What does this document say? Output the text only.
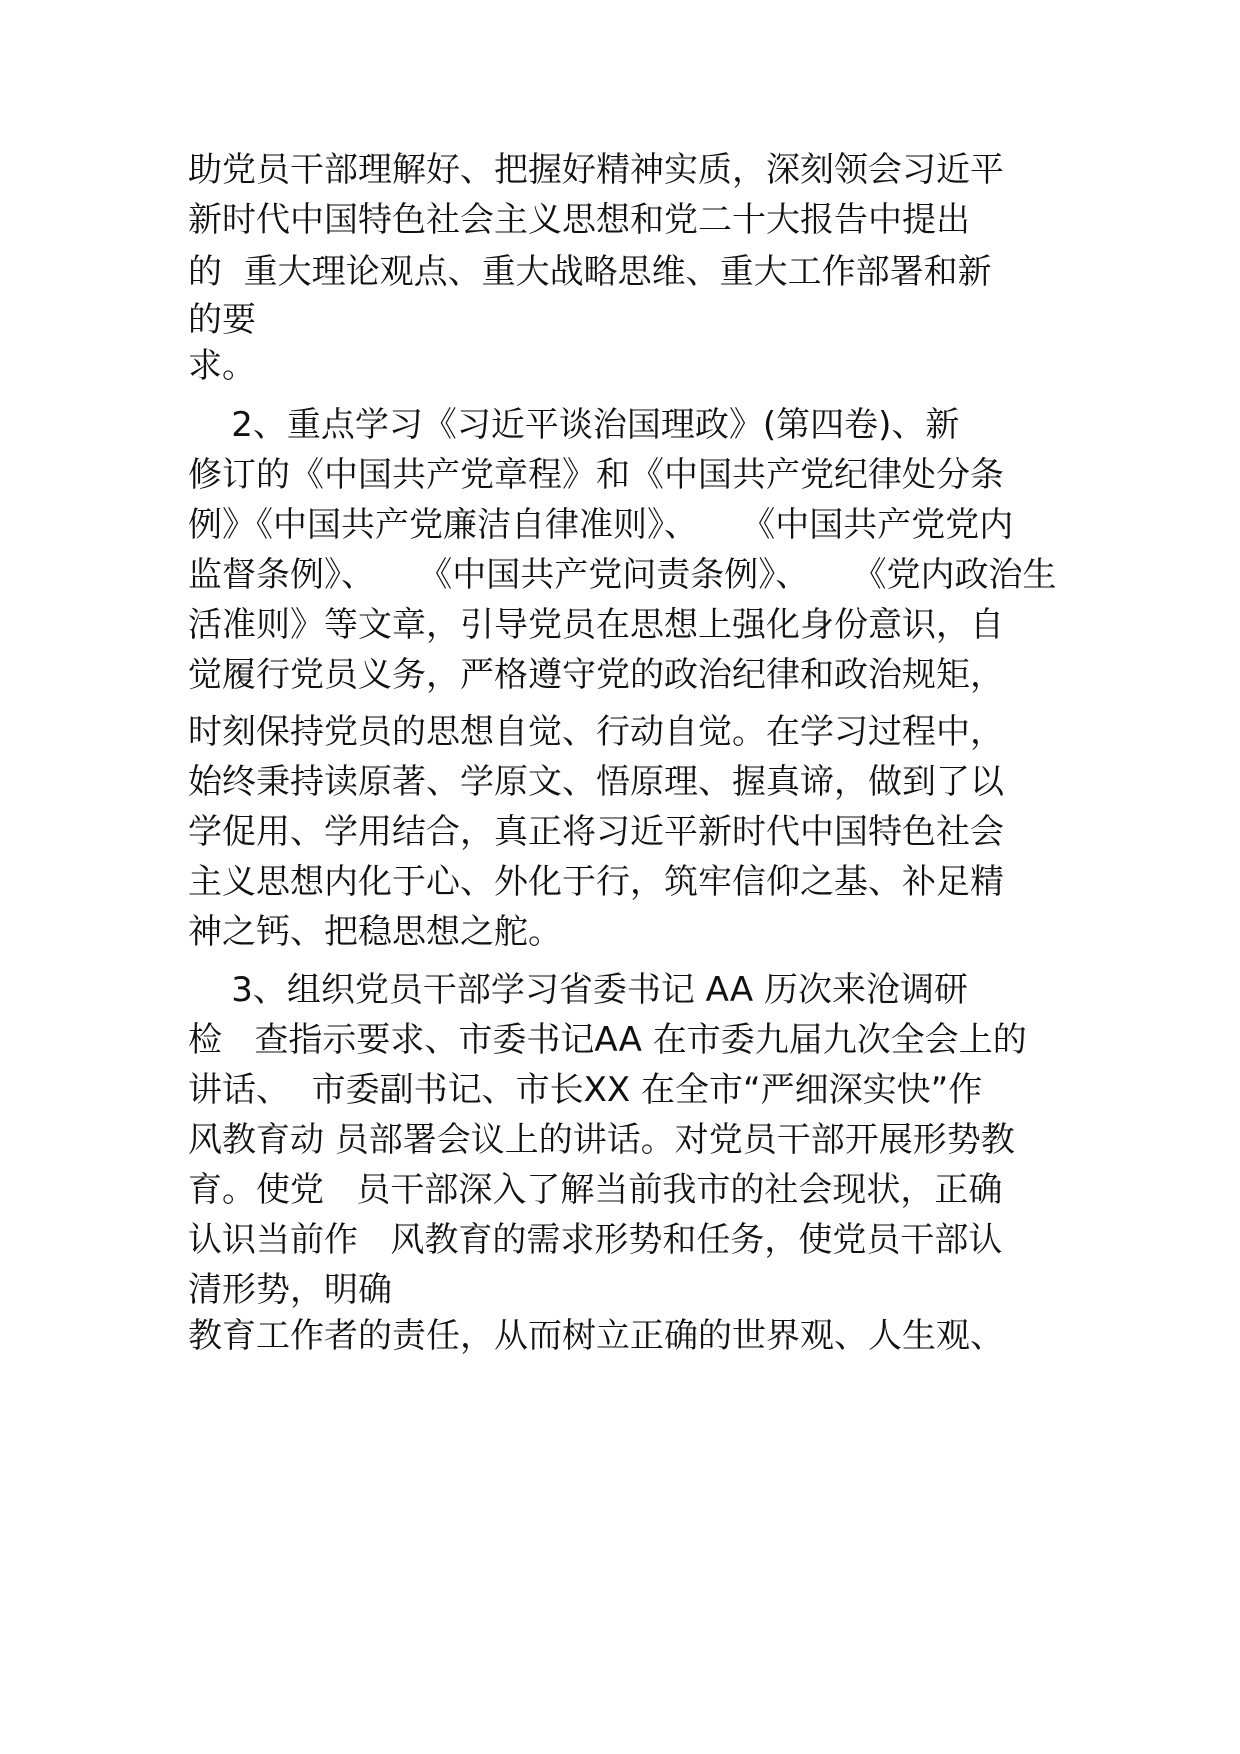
助党员干部理解好、把握好精神实质，深刻领会习近平

新时代中国特色社会主义思想和党二十大报告中提出

的  重大理论观点、重大战略思维、重大工作部署和新

的要

求。

2、重点学习《习近平谈治国理政》(第四卷)、新

修订的《中国共产党章程》和《中国共产党纪律处分条

例》《中国共产党廉洁自律准则》、    《中国共产党党内

监督条例》、    《中国共产党问责条例》、    《党内政治生

活准则》等文章，引导党员在思想上强化身份意识，自

觉履行党员义务，严格遵守党的政治纪律和政治规矩，

时刻保持党员的思想自觉、行动自觉。在学习过程中，

始终秉持读原著、学原文、悟原理、握真谛，做到了以

学促用、学用结合，真正将习近平新时代中国特色社会

主义思想内化于心、外化于行，筑牢信仰之基、补足精

神之钙、把稳思想之舵。

3、组织党员干部学习省委书记 AA 历次来沧调研

检   查指示要求、市委书记AA 在市委九届九次全会上的

讲话、  市委副书记、市长XX 在全市“严细深实快”作

风教育动 员部署会议上的讲话。对党员干部开展形势教

育。使党   员干部深入了解当前我市的社会现状，正确

认识当前作   风教育的需求形势和任务，使党员干部认

清形势，明确

教育工作者的责任，从而树立正确的世界观、人生观、
